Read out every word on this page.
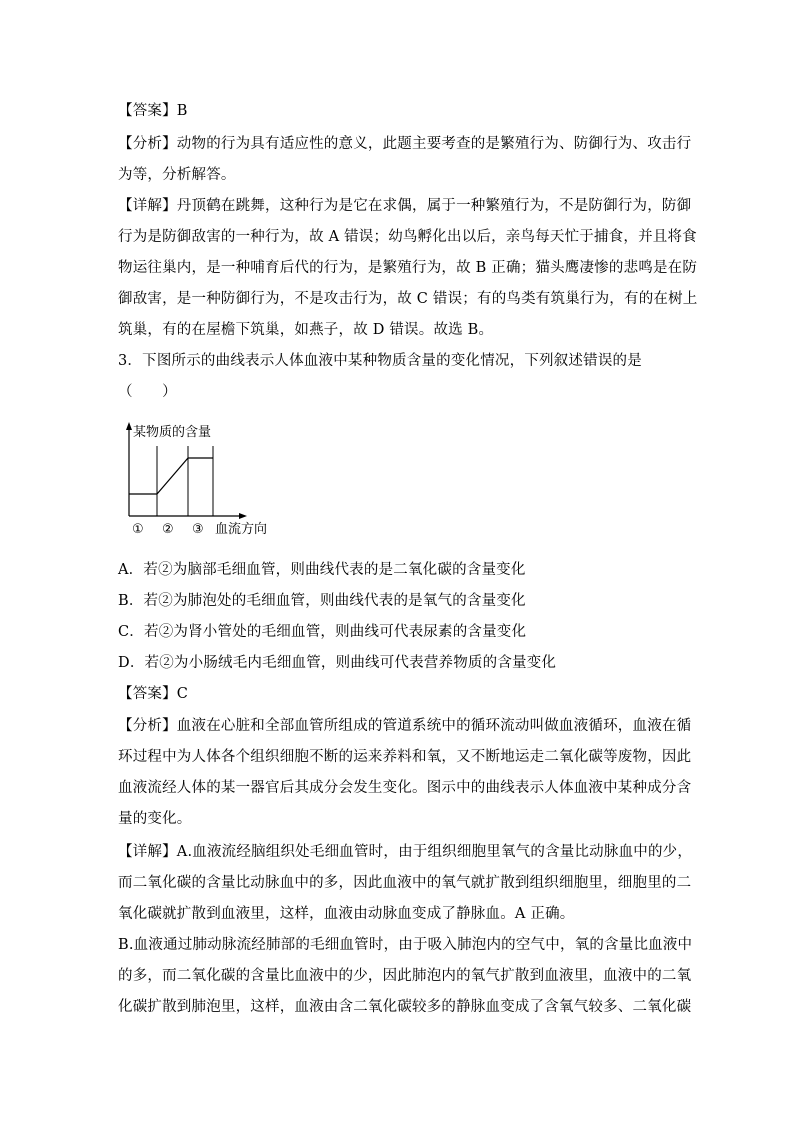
【答案】B
【分析】动物的行为具有适应性的意义，此题主要考查的是繁殖行为、防御行为、攻击行
为等，分析解答。
【详解】丹顶鹤在跳舞，这种行为是它在求偶，属于一种繁殖行为，不是防御行为，防御
行为是防御敌害的一种行为，故 A 错误；幼鸟孵化出以后，亲鸟每天忙于捕食，并且将食
物运往巢内，是一种哺育后代的行为，是繁殖行为，故 B 正确；猫头鹰凄惨的悲鸣是在防
御敌害，是一种防御行为，不是攻击行为，故 C 错误；有的鸟类有筑巢行为，有的在树上
筑巢，有的在屋檐下筑巢，如燕子，故 D 错误。故选 B。
3．下图所示的曲线表示人体血液中某种物质含量的变化情况，下列叙述错误的是
（　　）
某物质的含量
① ② ③ 血流方向
A．若②为脑部毛细血管，则曲线代表的是二氧化碳的含量变化
B．若②为肺泡处的毛细血管，则曲线代表的是氧气的含量变化
C．若②为肾小管处的毛细血管，则曲线可代表尿素的含量变化
D．若②为小肠绒毛内毛细血管，则曲线可代表营养物质的含量变化
【答案】C
【分析】血液在心脏和全部血管所组成的管道系统中的循环流动叫做血液循环，血液在循
环过程中为人体各个组织细胞不断的运来养料和氧，又不断地运走二氧化碳等废物，因此
血液流经人体的某一器官后其成分会发生变化。图示中的曲线表示人体血液中某种成分含
量的变化。
【详解】A.血液流经脑组织处毛细血管时，由于组织细胞里氧气的含量比动脉血中的少，
而二氧化碳的含量比动脉血中的多，因此血液中的氧气就扩散到组织细胞里，细胞里的二
氧化碳就扩散到血液里，这样，血液由动脉血变成了静脉血。A 正确。
B.血液通过肺动脉流经肺部的毛细血管时，由于吸入肺泡内的空气中，氧的含量比血液中
的多，而二氧化碳的含量比血液中的少，因此肺泡内的氧气扩散到血液里，血液中的二氧
化碳扩散到肺泡里，这样，血液由含二氧化碳较多的静脉血变成了含氧气较多、二氧化碳
